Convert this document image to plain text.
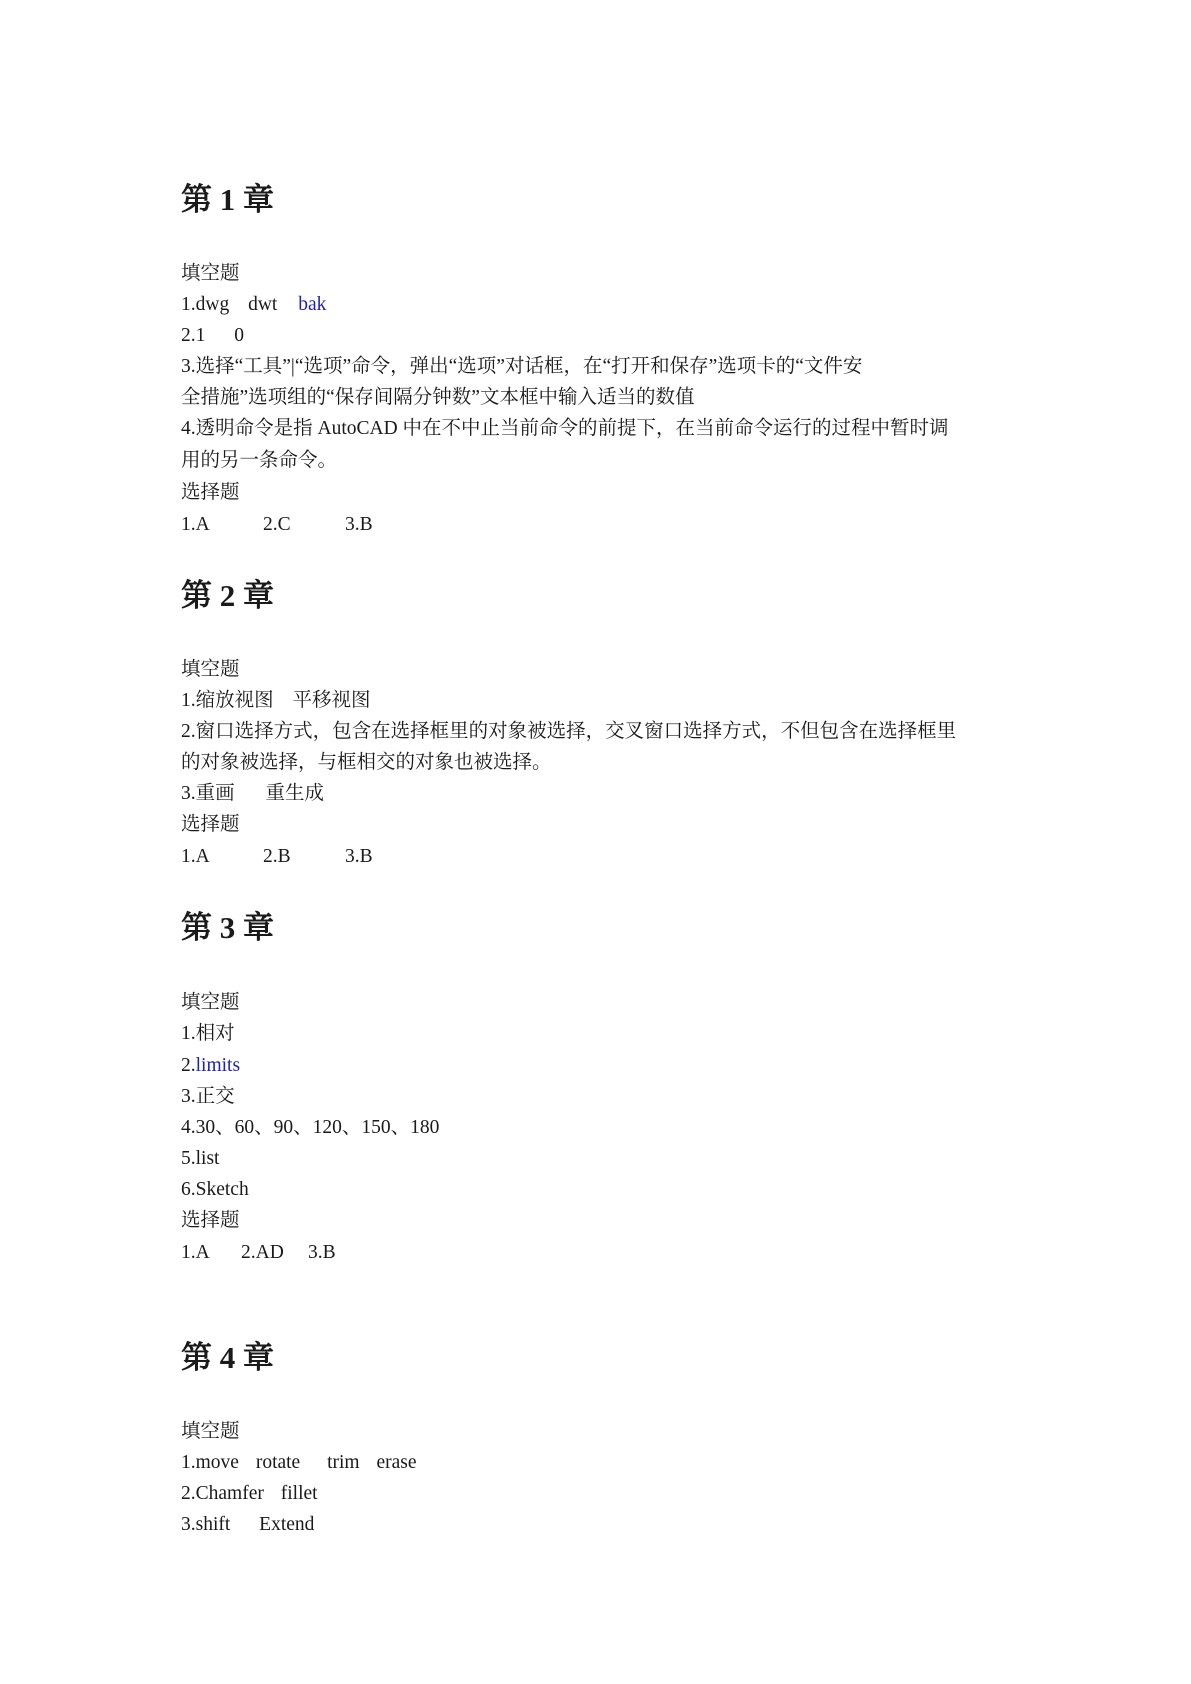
第 1 章
填空题
1.dwg dwt bak
2.1 0
3.选择“工具”|“选项”命令，弹出“选项”对话框，在“打开和保存”选项卡的“文件安
全措施”选项组的“保存间隔分钟数”文本框中输入适当的数值
4.透明命令是指 AutoCAD 中在不中止当前命令的前提下，在当前命令运行的过程中暂时调
用的另一条命令。
选择题
1.A	2.C	3.B
第 2 章
填空题
1.缩放视图 平移视图
2.窗口选择方式，包含在选择框里的对象被选择，交叉窗口选择方式，不但包含在选择框里
的对象被选择，与框相交的对象也被选择。
3.重画 重生成
选择题
1.A	2.B	3.B
第 3 章
填空题
1.相对
2.limits
3.正交
4.30、60、90、120、150、180
5.list
6.Sketch
选择题
1.A 2.AD 3.B
第 4 章
填空题
1.move rotate trim erase
2.Chamfer fillet
3.shift Extend
